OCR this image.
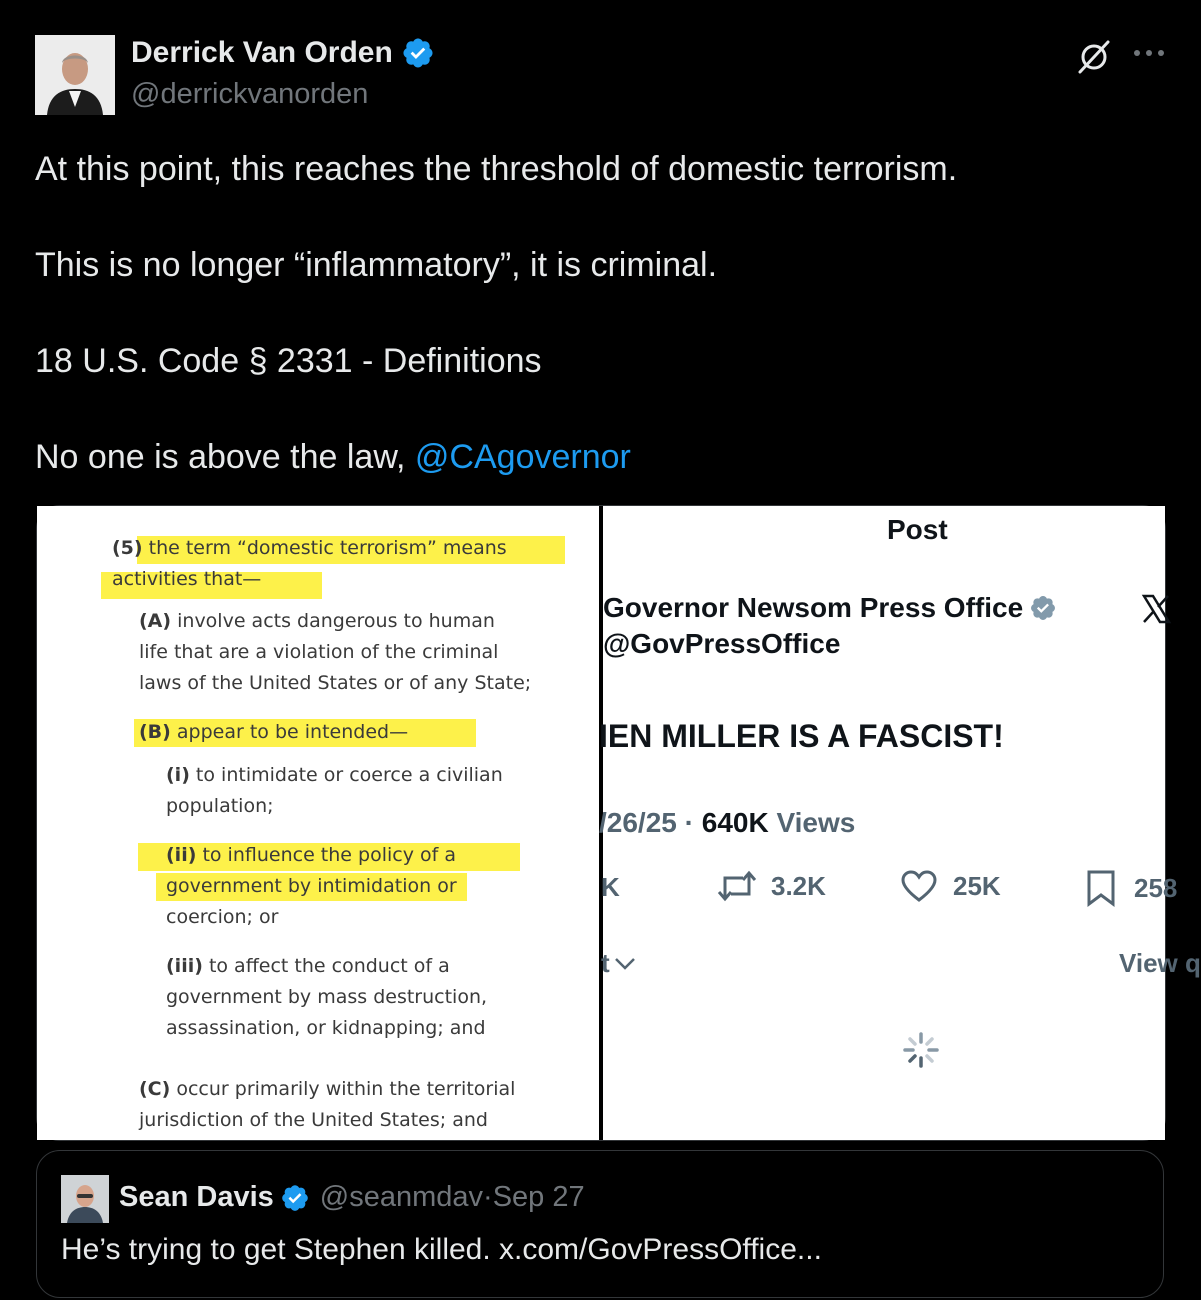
Derrick Van Orden
@derrickvanorden

At this point, this reaches the threshold of domestic terrorism.

This is no longer “inflammatory”, it is criminal.

18 U.S. Code § 2331 - Definitions

No one is above the law, @CAgovernor

(5) the term “domestic terrorism” means
activities that—
(A) involve acts dangerous to human
life that are a violation of the criminal
laws of the United States or of any State;
(B) appear to be intended—
(i) to intimidate or coerce a civilian
population;
(ii) to influence the policy of a
government by intimidation or
coercion; or
(iii) to affect the conduct of a
government by mass destruction,
assassination, or kidnapping; and
(C) occur primarily within the territorial
jurisdiction of the United States; and
Post
Governor Newsom Press Office
@GovPressOffice
IEN MILLER IS A FASCIST!
/26/25 · 640K Views
K	3.2K	25K	258
t	View q
Sean Davis @seanmdav · Sep 27
He’s trying to get Stephen killed. x.com/GovPressOffice...
